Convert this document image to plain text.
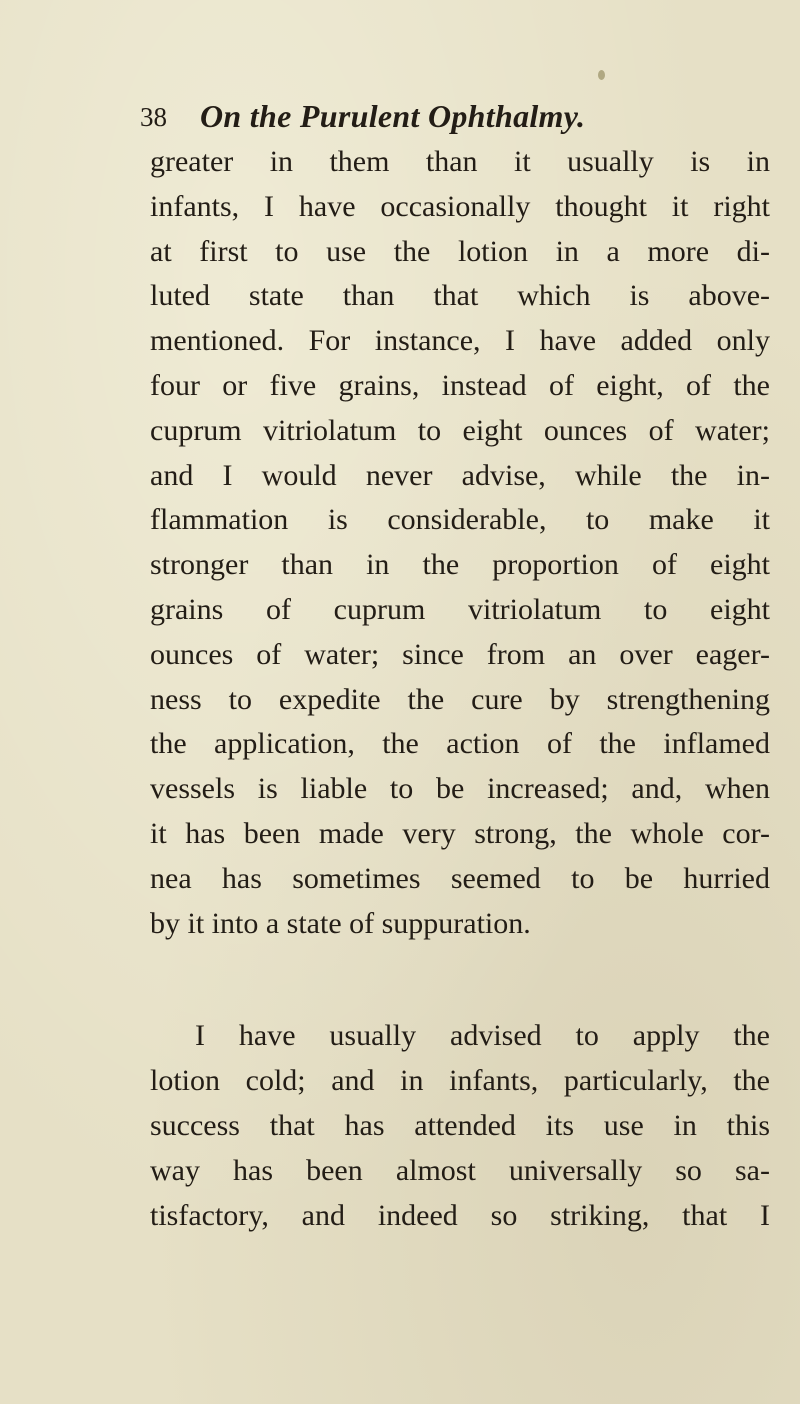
38 On the Purulent Ophthalmy.
greater in them than it usually is in
infants, I have occasionally thought it right
at first to use the lotion in a more di-
luted state than that which is above-
mentioned. For instance, I have added only
four or five grains, instead of eight, of the
cuprum vitriolatum to eight ounces of water;
and I would never advise, while the in-
flammation is considerable, to make it
stronger than in the proportion of eight
grains of cuprum vitriolatum to eight
ounces of water; since from an over eager-
ness to expedite the cure by strengthening
the application, the action of the inflamed
vessels is liable to be increased; and, when
it has been made very strong, the whole cor-
nea has sometimes seemed to be hurried
by it into a state of suppuration.
I have usually advised to apply the
lotion cold; and in infants, particularly, the
success that has attended its use in this
way has been almost universally so sa-
tisfactory, and indeed so striking, that I
